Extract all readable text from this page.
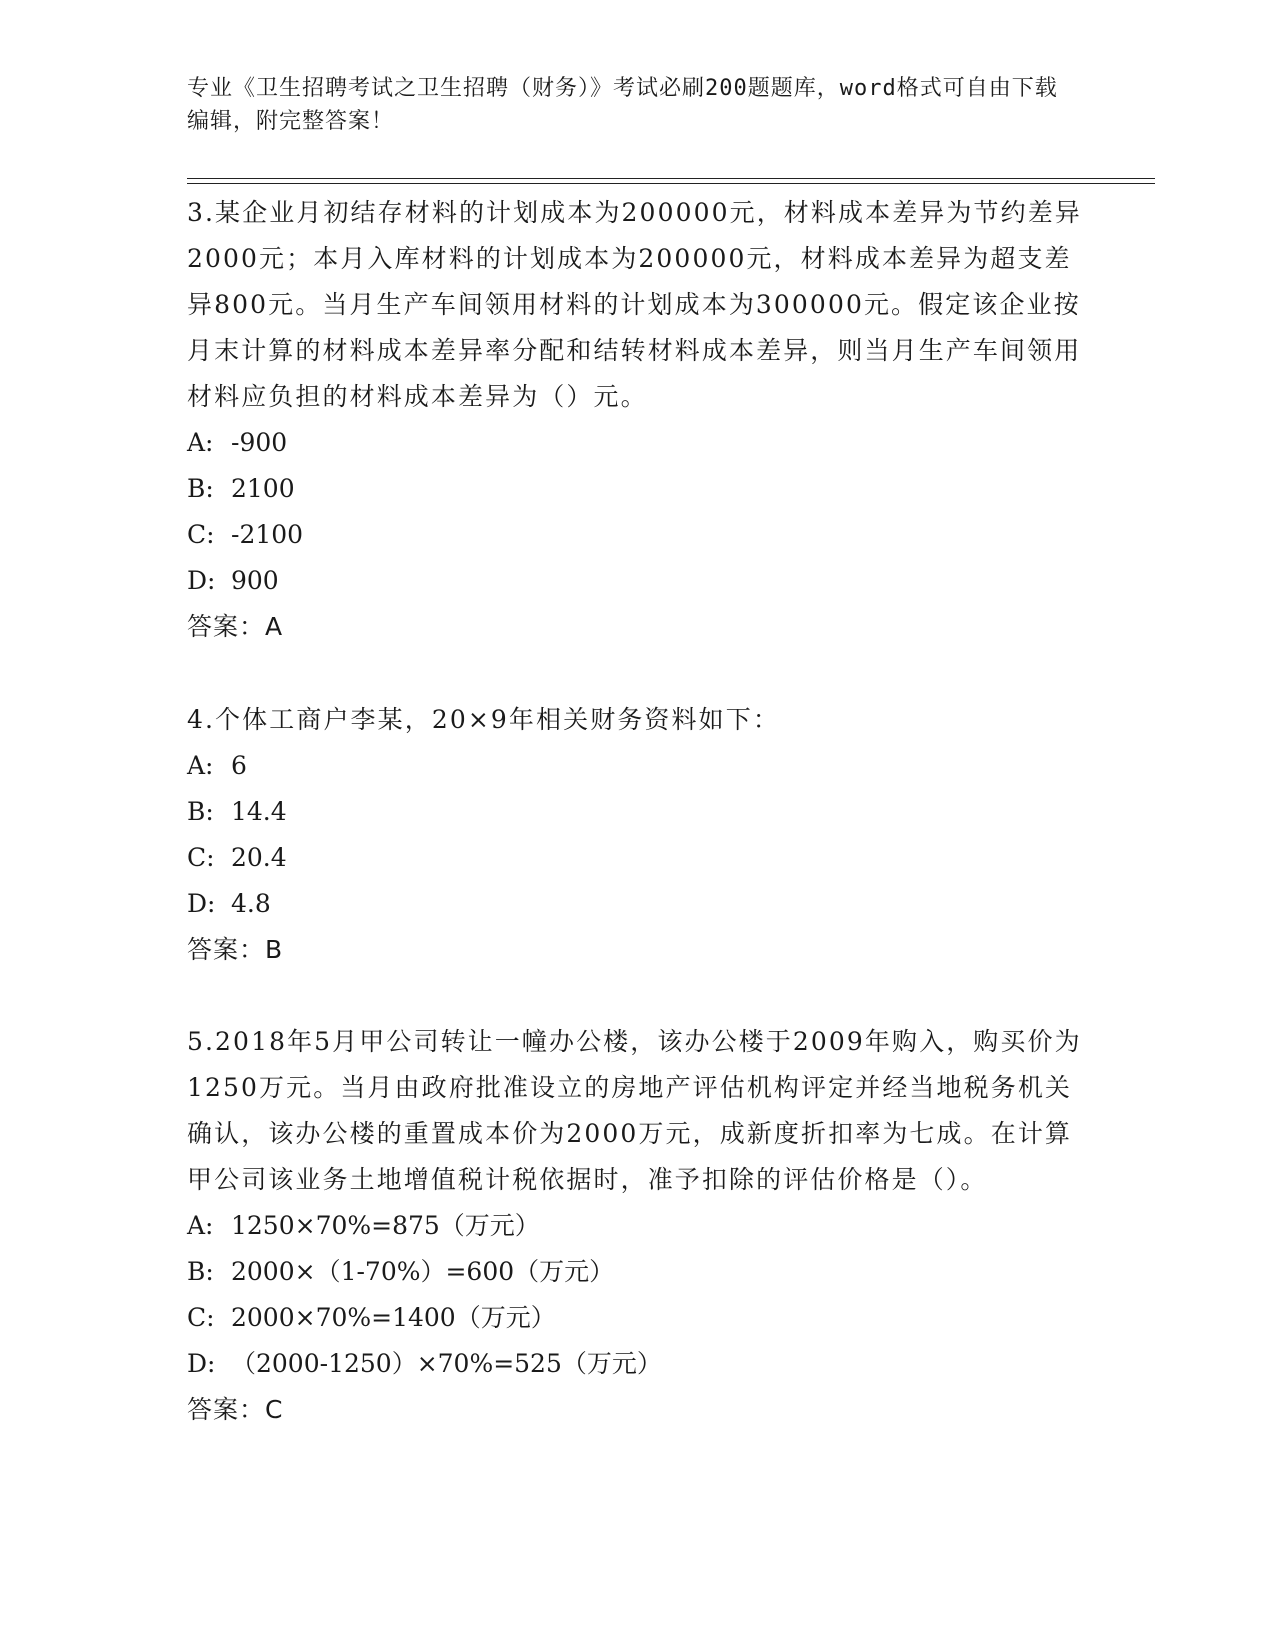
专业《卫生招聘考试之卫生招聘（财务）》考试必刷200题题库，word格式可自由下载编辑，附完整答案！

3.某企业月初结存材料的计划成本为200000元，材料成本差异为节约差异2000元；本月入库材料的计划成本为200000元，材料成本差异为超支差异800元。当月生产车间领用材料的计划成本为300000元。假定该企业按月末计算的材料成本差异率分配和结转材料成本差异，则当月生产车间领用材料应负担的材料成本差异为（）元。

A: -900

B: 2100

C: -2100

D: 900

答案：A

4.个体工商户李某，20×9年相关财务资料如下：

A: 6

B: 14.4

C: 20.4

D: 4.8

答案：B

5.2018年5月甲公司转让一幢办公楼，该办公楼于2009年购入，购买价为1250万元。当月由政府批准设立的房地产评估机构评定并经当地税务机关确认，该办公楼的重置成本价为2000万元，成新度折扣率为七成。在计算甲公司该业务土地增值税计税依据时，准予扣除的评估价格是（）。

A: 1250×70%=875（万元）

B: 2000×（1-70%）=600（万元）

C: 2000×70%=1400（万元）

D: （2000-1250）×70%=525（万元）

答案：C
